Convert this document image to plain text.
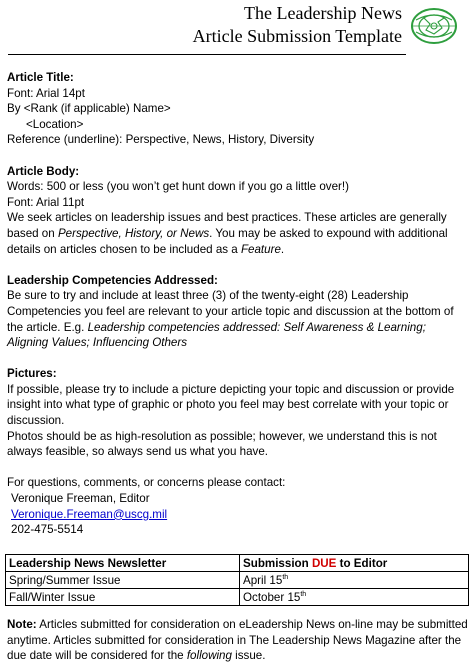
The Leadership News
Article Submission Template

Article Title:

Font: Arial 14pt

By <Rank (if applicable) Name>

<Location>

Reference (underline): Perspective, News, History, Diversity

Article Body:

Words: 500 or less (you won’t get hunt down if you go a little over!)

Font: Arial 11pt

We seek articles on leadership issues and best practices. These articles are generally based on Perspective, History, or News. You may be asked to expound with additional details on articles chosen to be included as a Feature.

Leadership Competencies Addressed:

Be sure to try and include at least three (3) of the twenty-eight (28) Leadership Competencies you feel are relevant to your article topic and discussion at the bottom of the article. E.g. Leadership competencies addressed: Self Awareness & Learning; Aligning Values; Influencing Others

Pictures:

If possible, please try to include a picture depicting your topic and discussion or provide insight into what type of graphic or photo you feel may best correlate with your topic or discussion.

Photos should be as high-resolution as possible; however, we understand this is not always feasible, so always send us what you have.

For questions, comments, or concerns please contact:

Veronique Freeman, Editor

Veronique.Freeman@uscg.mil

202-475-5514

Leadership News Newsletter	Submission DUE to Editor
Spring/Summer Issue	April 15th
Fall/Winter Issue	October 15th

Note: Articles submitted for consideration on eLeadership News on-line may be submitted anytime. Articles submitted for consideration in The Leadership News Magazine after the due date will be considered for the following issue.
